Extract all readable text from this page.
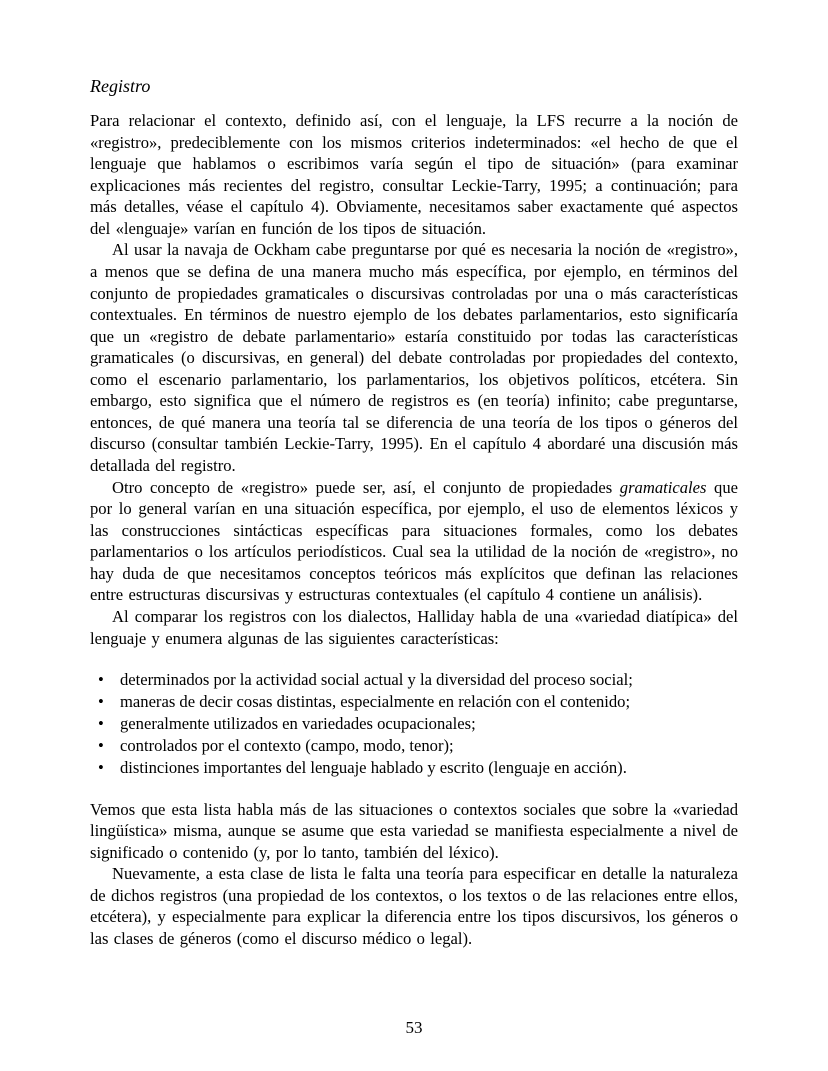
Registro

Para relacionar el contexto, definido así, con el lenguaje, la LFS recurre a la noción de «registro», predeciblemente con los mismos criterios indeterminados: «el hecho de que el lenguaje que hablamos o escribimos varía según el tipo de situación» (para examinar explicaciones más recientes del registro, consultar Leckie-Tarry, 1995; a continuación; para más detalles, véase el capítulo 4). Obviamente, necesitamos saber exactamente qué aspectos del «lenguaje» varían en función de los tipos de situación.

Al usar la navaja de Ockham cabe preguntarse por qué es necesaria la noción de «registro», a menos que se defina de una manera mucho más específica, por ejemplo, en términos del conjunto de propiedades gramaticales o discursivas controladas por una o más características contextuales. En términos de nuestro ejemplo de los debates parlamentarios, esto significaría que un «registro de debate parlamentario» estaría constituido por todas las características gramaticales (o discursivas, en general) del debate controladas por propiedades del contexto, como el escenario parlamentario, los parlamentarios, los objetivos políticos, etcétera. Sin embargo, esto significa que el número de registros es (en teoría) infinito; cabe preguntarse, entonces, de qué manera una teoría tal se diferencia de una teoría de los tipos o géneros del discurso (consultar también Leckie-Tarry, 1995). En el capítulo 4 abordaré una discusión más detallada del registro.

Otro concepto de «registro» puede ser, así, el conjunto de propiedades gramaticales que por lo general varían en una situación específica, por ejemplo, el uso de elementos léxicos y las construcciones sintácticas específicas para situaciones formales, como los debates parlamentarios o los artículos periodísticos. Cual sea la utilidad de la noción de «registro», no hay duda de que necesitamos conceptos teóricos más explícitos que definan las relaciones entre estructuras discursivas y estructuras contextuales (el capítulo 4 contiene un análisis).

Al comparar los registros con los dialectos, Halliday habla de una «variedad diatípica» del lenguaje y enumera algunas de las siguientes características:

• determinados por la actividad social actual y la diversidad del proceso social;
• maneras de decir cosas distintas, especialmente en relación con el contenido;
• generalmente utilizados en variedades ocupacionales;
• controlados por el contexto (campo, modo, tenor);
• distinciones importantes del lenguaje hablado y escrito (lenguaje en acción).

Vemos que esta lista habla más de las situaciones o contextos sociales que sobre la «variedad lingüística» misma, aunque se asume que esta variedad se manifiesta especialmente a nivel de significado o contenido (y, por lo tanto, también del léxico).

Nuevamente, a esta clase de lista le falta una teoría para especificar en detalle la naturaleza de dichos registros (una propiedad de los contextos, o los textos o de las relaciones entre ellos, etcétera), y especialmente para explicar la diferencia entre los tipos discursivos, los géneros o las clases de géneros (como el discurso médico o legal).

53
